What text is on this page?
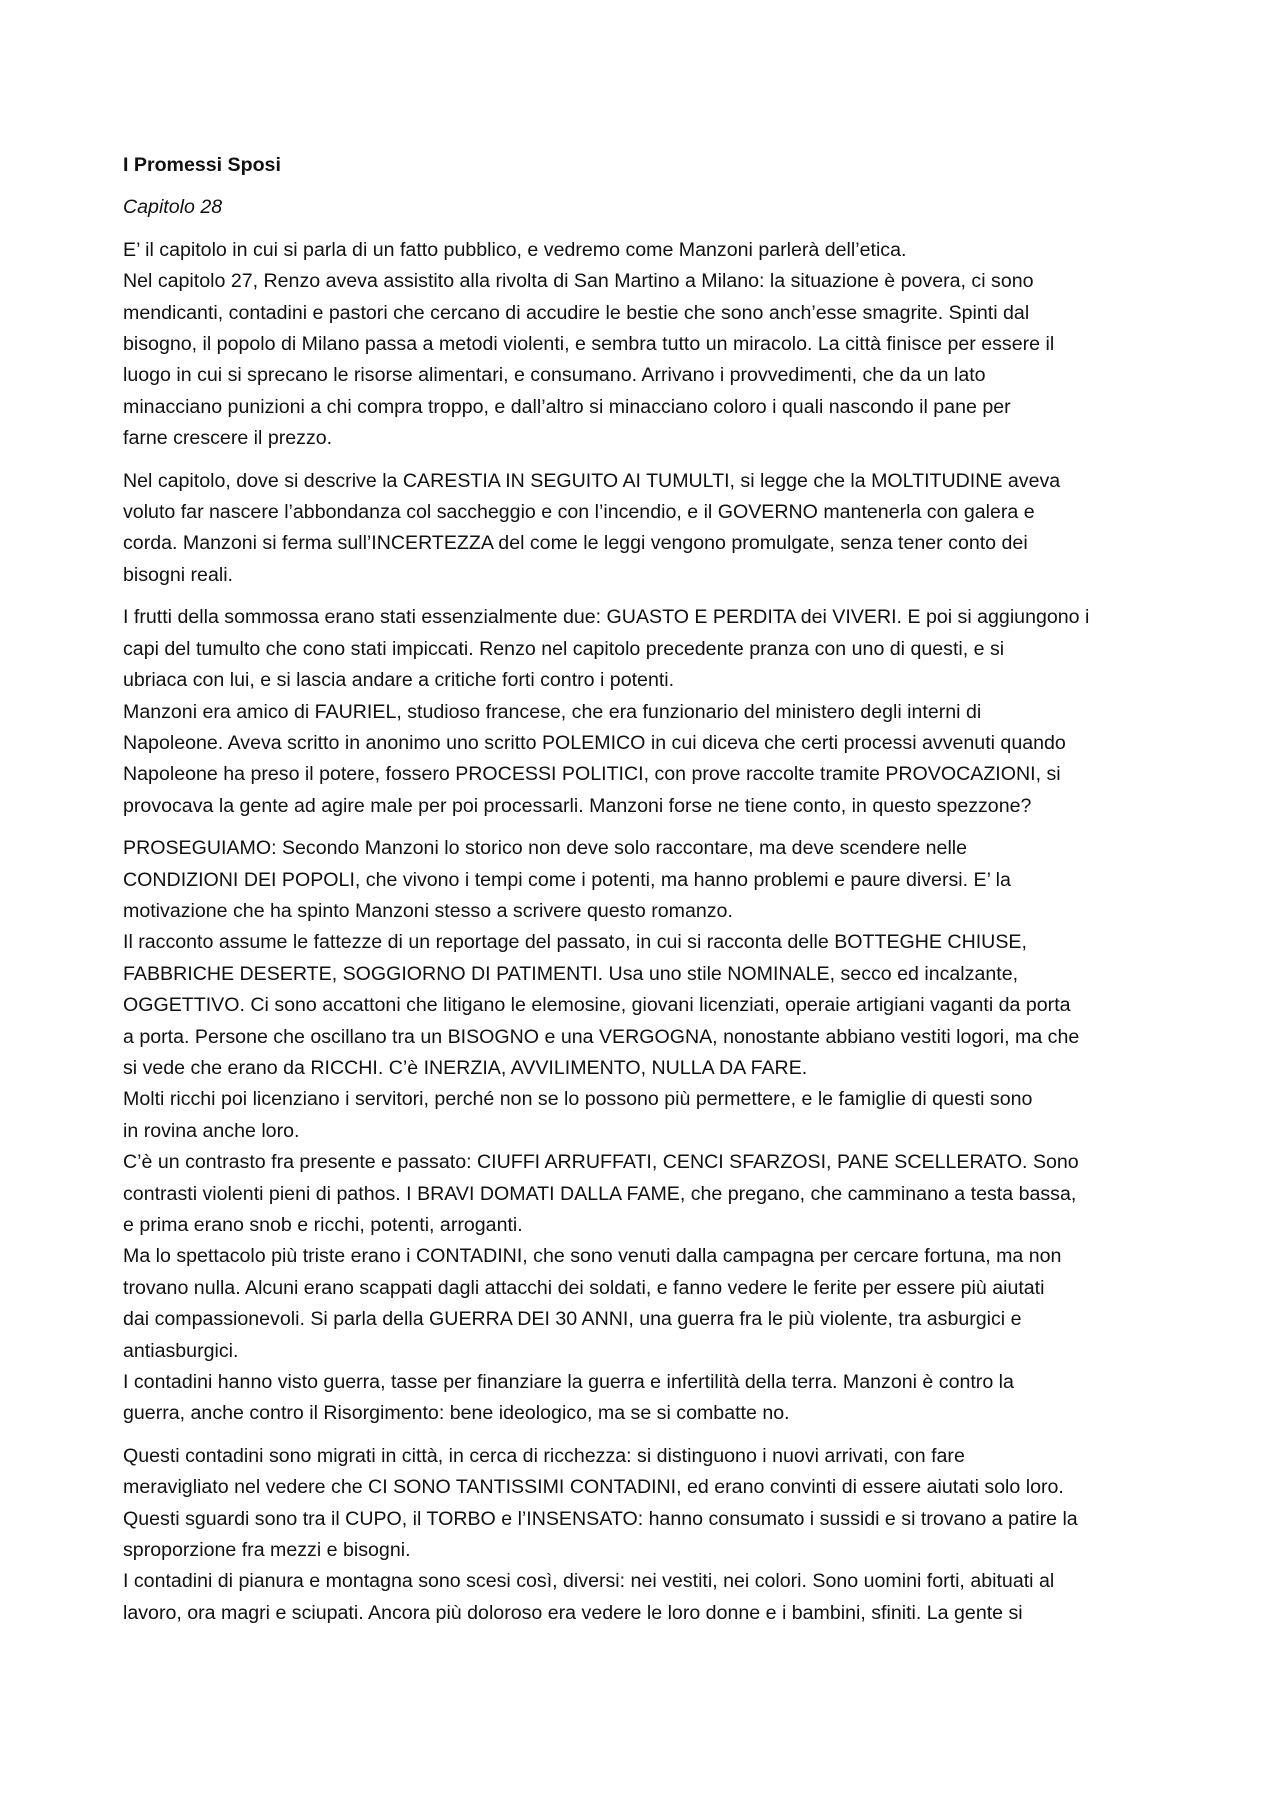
I Promessi Sposi
Capitolo 28
E’ il capitolo in cui si parla di un fatto pubblico, e vedremo come Manzoni parlerà dell’etica.
Nel capitolo 27, Renzo aveva assistito alla rivolta di San Martino a Milano: la situazione è povera, ci sono
mendicanti, contadini e pastori che cercano di accudire le bestie che sono anch’esse smagrite. Spinti dal
bisogno, il popolo di Milano passa a metodi violenti, e sembra tutto un miracolo. La città finisce per essere il
luogo in cui si sprecano le risorse alimentari, e consumano. Arrivano i provvedimenti, che da un lato
minacciano punizioni a chi compra troppo, e dall’altro si minacciano coloro i quali nascondo il pane per
farne crescere il prezzo.
Nel capitolo, dove si descrive la CARESTIA IN SEGUITO AI TUMULTI, si legge che la MOLTITUDINE aveva
voluto far nascere l’abbondanza col saccheggio e con l’incendio, e il GOVERNO mantenerla con galera e
corda. Manzoni si ferma sull’INCERTEZZA del come le leggi vengono promulgate, senza tener conto dei
bisogni reali.
I frutti della sommossa erano stati essenzialmente due: GUASTO E PERDITA dei VIVERI. E poi si aggiungono i
capi del tumulto che cono stati impiccati. Renzo nel capitolo precedente pranza con uno di questi, e si
ubriaca con lui, e si lascia andare a critiche forti contro i potenti.
Manzoni era amico di FAURIEL, studioso francese, che era funzionario del ministero degli interni di
Napoleone. Aveva scritto in anonimo uno scritto POLEMICO in cui diceva che certi processi avvenuti quando
Napoleone ha preso il potere, fossero PROCESSI POLITICI, con prove raccolte tramite PROVOCAZIONI, si
provocava la gente ad agire male per poi processarli. Manzoni forse ne tiene conto, in questo spezzone?
PROSEGUIAMO: Secondo Manzoni lo storico non deve solo raccontare, ma deve scendere nelle
CONDIZIONI DEI POPOLI, che vivono i tempi come i potenti, ma hanno problemi e paure diversi. E’ la
motivazione che ha spinto Manzoni stesso a scrivere questo romanzo.
Il racconto assume le fattezze di un reportage del passato, in cui si racconta delle BOTTEGHE CHIUSE,
FABBRICHE DESERTE, SOGGIORNO DI PATIMENTI. Usa uno stile NOMINALE, secco ed incalzante,
OGGETTIVO. Ci sono accattoni che litigano le elemosine, giovani licenziati, operaie artigiani vaganti da porta
a porta. Persone che oscillano tra un BISOGNO e una VERGOGNA, nonostante abbiano vestiti logori, ma che
si vede che erano da RICCHI. C’è INERZIA, AVVILIMENTO, NULLA DA FARE.
Molti ricchi poi licenziano i servitori, perché non se lo possono più permettere, e le famiglie di questi sono
in rovina anche loro.
C’è un contrasto fra presente e passato: CIUFFI ARRUFFATI, CENCI SFARZOSI, PANE SCELLERATO. Sono
contrasti violenti pieni di pathos. I BRAVI DOMATI DALLA FAME, che pregano, che camminano a testa bassa,
e prima erano snob e ricchi, potenti, arroganti.
Ma lo spettacolo più triste erano i CONTADINI, che sono venuti dalla campagna per cercare fortuna, ma non
trovano nulla. Alcuni erano scappati dagli attacchi dei soldati, e fanno vedere le ferite per essere più aiutati
dai compassionevoli. Si parla della GUERRA DEI 30 ANNI, una guerra fra le più violente, tra asburgici e
antiasburgici.
I contadini hanno visto guerra, tasse per finanziare la guerra e infertilità della terra. Manzoni è contro la
guerra, anche contro il Risorgimento: bene ideologico, ma se si combatte no.
Questi contadini sono migrati in città, in cerca di ricchezza: si distinguono i nuovi arrivati, con fare
meravigliato nel vedere che CI SONO TANTISSIMI CONTADINI, ed erano convinti di essere aiutati solo loro.
Questi sguardi sono tra il CUPO, il TORBO e l’INSENSATO: hanno consumato i sussidi e si trovano a patire la
sproporzione fra mezzi e bisogni.
I contadini di pianura e montagna sono scesi così, diversi: nei vestiti, nei colori. Sono uomini forti, abituati al
lavoro, ora magri e sciupati. Ancora più doloroso era vedere le loro donne e i bambini, sfiniti. La gente si
